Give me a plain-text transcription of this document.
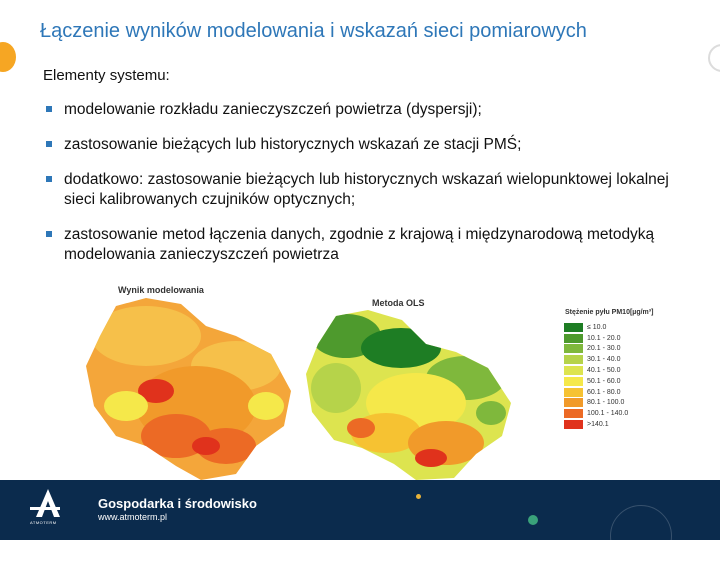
Łączenie wyników modelowania i wskazań sieci pomiarowych
Elementy systemu:
modelowanie rozkładu zanieczyszczeń powietrza (dyspersji);
zastosowanie bieżących lub historycznych wskazań ze stacji PMŚ;
dodatkowo: zastosowanie bieżących lub historycznych wskazań wielopunktowej lokalnej sieci kalibrowanych czujników optycznych;
zastosowanie metod łączenia danych, zgodnie z krajową i międzynarodową metodyką modelowania zanieczyszczeń powietrza
Wynik modelowania
Metoda OLS
Stężenie pyłu PM10[µg/m³]
≤ 10.0
10.1 - 20.0
20.1 - 30.0
30.1 - 40.0
40.1 - 50.0
50.1 - 60.0
60.1 - 80.0
80.1 - 100.0
100.1 - 140.0
>140.1
ATMOTERM
Gospodarka i środowisko
www.atmoterm.pl
